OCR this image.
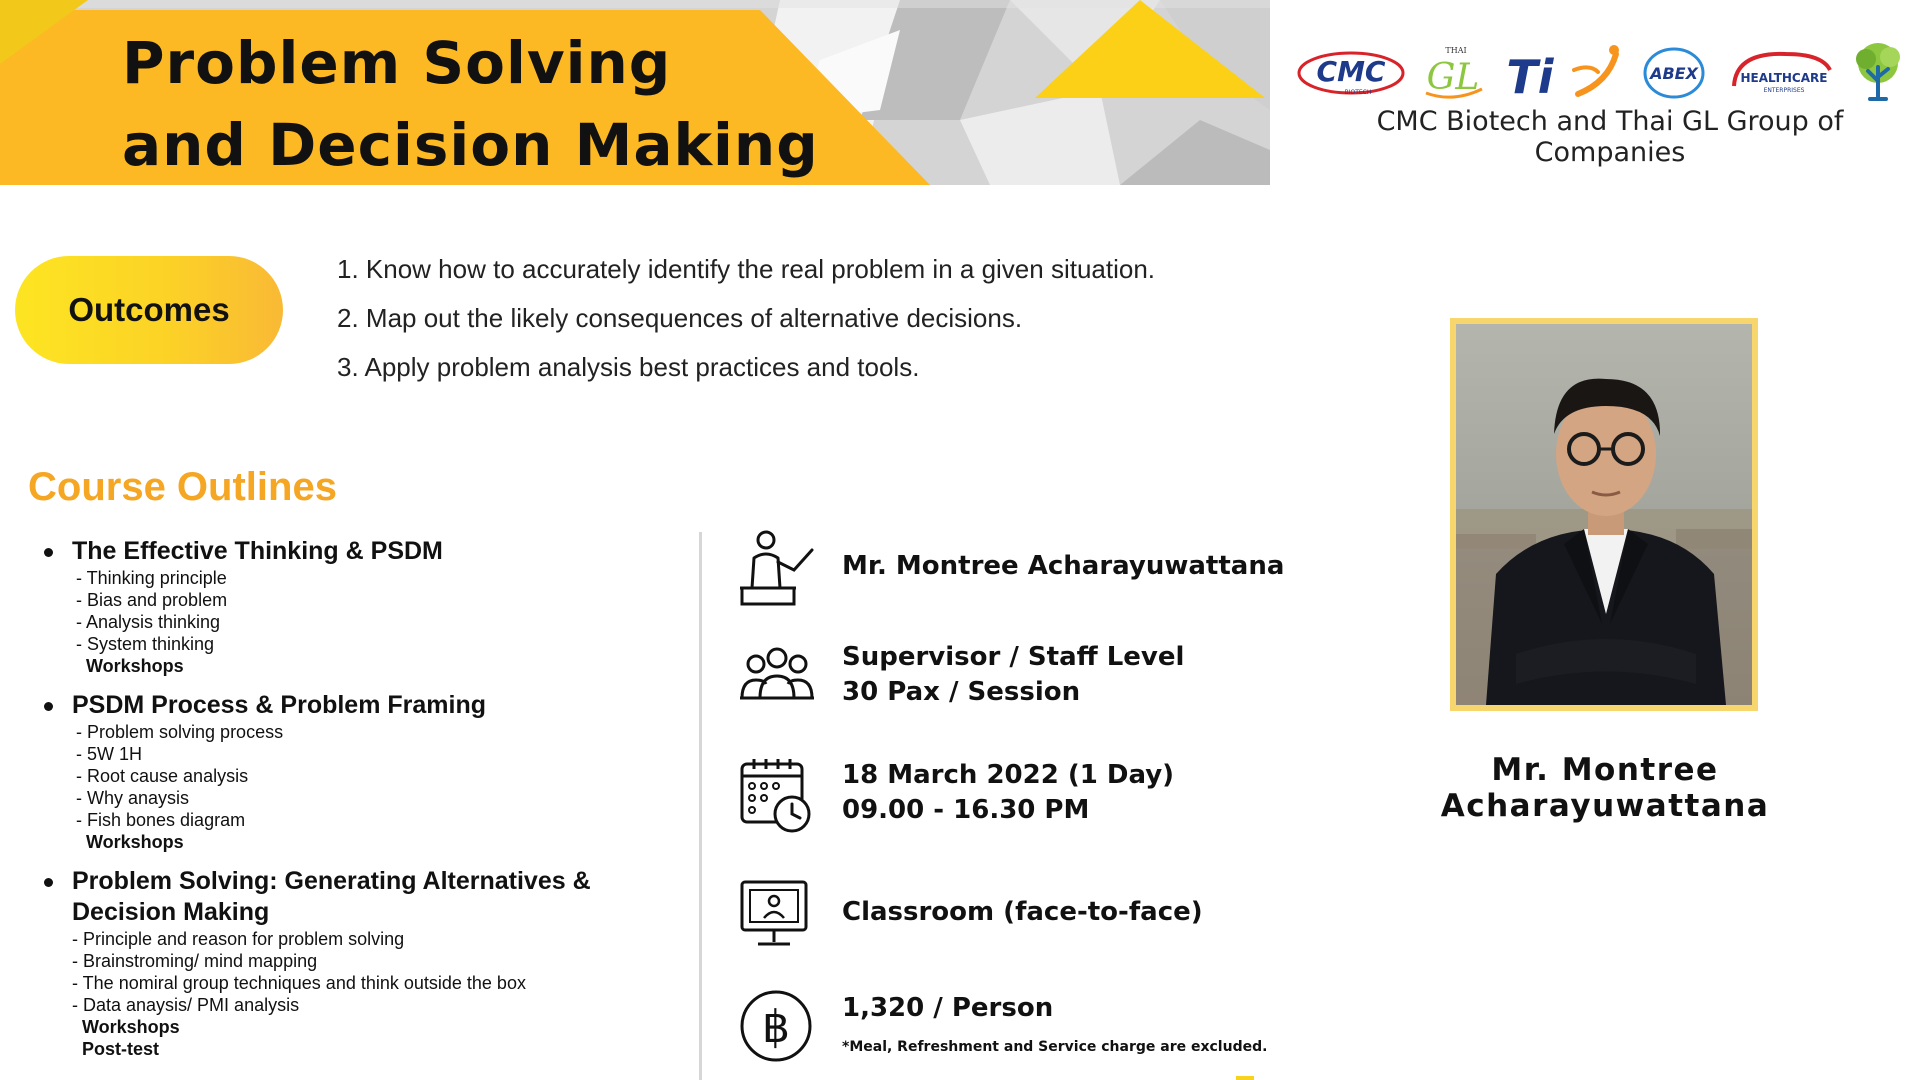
Problem Solving
and Decision Making
CMC
BIOTECH
THAI
GL Ti	ABEX	HEALTHCARE
ENTERPRISES
CMC Biotech and Thai GL Group of Companies
Outcomes
1. Know how to accurately identify the real problem in a given situation.
2. Map out the likely consequences of alternative decisions.
3. Apply problem analysis best practices and tools.
Course Outlines
The Effective Thinking & PSDM
- Thinking principle
- Bias and problem
- Analysis thinking
- System thinking
Workshops
PSDM Process & Problem Framing
- Problem solving process
- 5W 1H
- Root cause analysis
- Why anaysis
- Fish bones diagram
Workshops
Problem Solving: Generating Alternatives &
Decision Making
- Principle and reason for problem solving
- Brainstroming/ mind mapping
- The nomiral group techniques and think outside the box
- Data anaysis/ PMI analysis
Workshops
Post-test
Mr. Montree Acharayuwattana
Supervisor / Staff Level
30 Pax / Session
18 March 2022 (1 Day)
09.00 - 16.30 PM
Classroom (face-to-face)
฿ 1,320 / Person
*Meal, Refreshment and Service charge are excluded.
Mr. Montree Acharayuwattana
